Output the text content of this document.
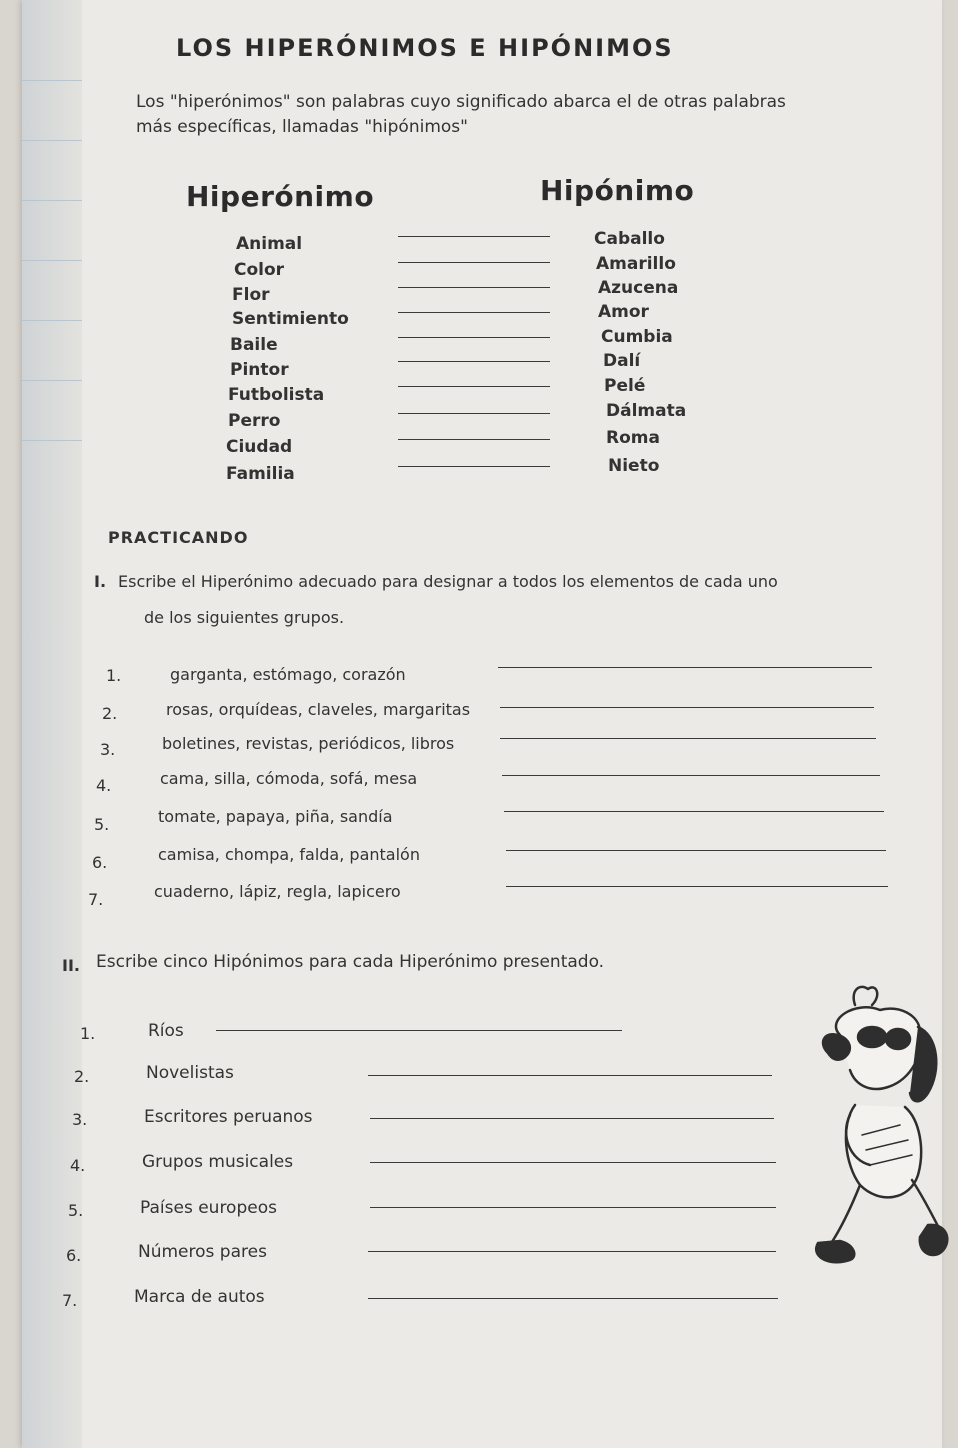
LOS HIPERÓNIMOS E HIPÓNIMOS
Los "hiperónimos" son palabras cuyo significado abarca el de otras palabras más específicas, llamadas "hipónimos"
Hiperónimo	Hipónimo
Animal	Caballo
Color	Amarillo
Flor	Azucena
Sentimiento	Amor
Baile	Cumbia
Pintor	Dalí
Futbolista	Pelé
Perro	Dálmata
Ciudad	Roma
Familia	Nieto
PRACTICANDO
I. Escribe el Hiperónimo adecuado para designar a todos los elementos de cada uno
de los siguientes grupos.
1.	garganta, estómago, corazón
2.	rosas, orquídeas, claveles, margaritas
3.	boletines, revistas, periódicos, libros
4.	cama, silla, cómoda, sofá, mesa
5.	tomate, papaya, piña, sandía
6.	camisa, chompa, falda, pantalón
7.	cuaderno, lápiz, regla, lapicero
II. Escribe cinco Hipónimos para cada Hiperónimo presentado.
1.	Ríos
2.	Novelistas
3.	Escritores peruanos
4.	Grupos musicales
5.	Países europeos
6.	Números pares
7.	Marca de autos
